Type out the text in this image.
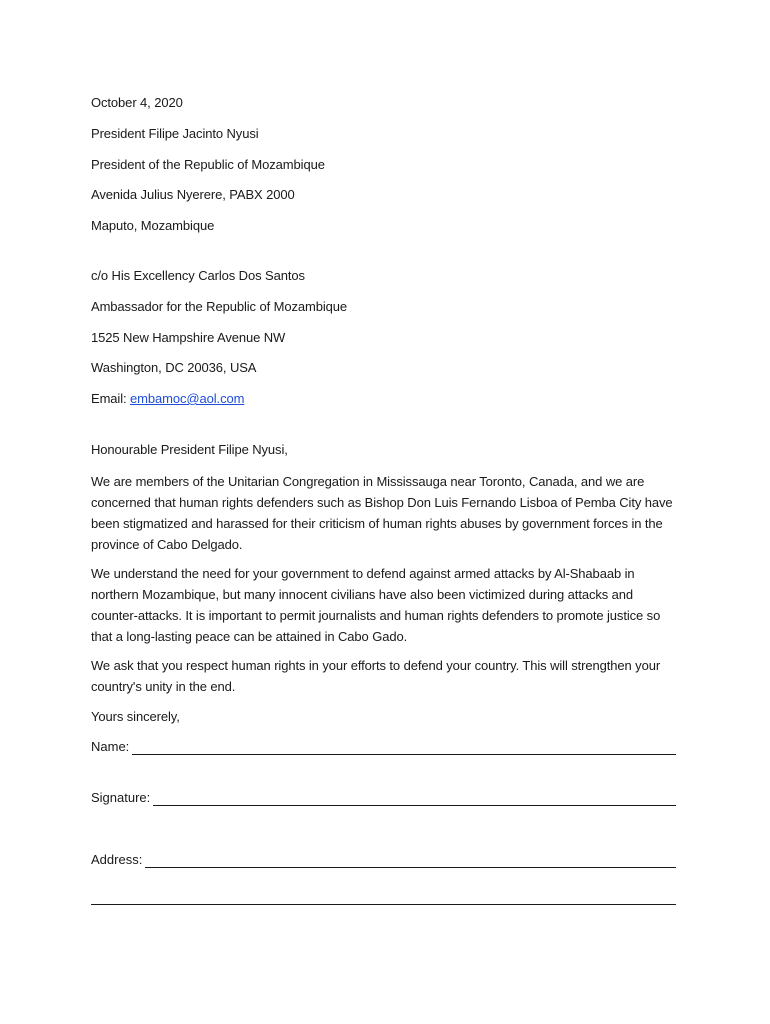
October 4, 2020
President Filipe Jacinto Nyusi
President of the Republic of Mozambique
Avenida Julius Nyerere, PABX 2000
Maputo, Mozambique
c/o His Excellency Carlos Dos Santos
Ambassador for the Republic of Mozambique
1525 New Hampshire Avenue NW
Washington, DC 20036, USA
Email: embamoc@aol.com
Honourable President Filipe Nyusi,
We are members of the Unitarian Congregation in Mississauga near Toronto, Canada, and we are concerned that human rights defenders such as Bishop Don Luis Fernando Lisboa of Pemba City have been stigmatized and harassed for their criticism of human rights abuses by government forces in the province of Cabo Delgado.
We understand the need for your government to defend against armed attacks by Al-Shabaab in northern Mozambique, but many innocent civilians have also been victimized during attacks and counter-attacks. It is important to permit journalists and human rights defenders to promote justice so that a long-lasting peace can be attained in Cabo Gado.
We ask that you respect human rights in your efforts to defend your country. This will strengthen your country's unity in the end.
Yours sincerely,
Name:
Signature:
Address:
